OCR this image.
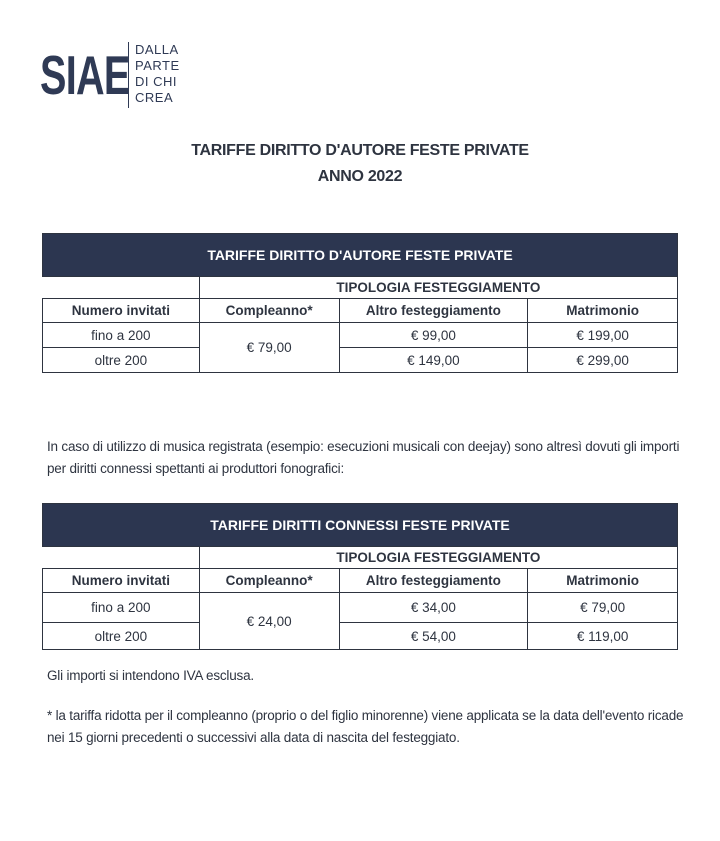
SIAE DALLA
PARTE
DI CHI
CREA
TARIFFE DIRITTO D'AUTORE FESTE PRIVATE
ANNO 2022
TARIFFE DIRITTO D'AUTORE FESTE PRIVATE			
	TIPOLOGIA FESTEGGIAMENTO		
Numero invitati	Compleanno*	Altro festeggiamento	Matrimonio
fino a 200	€ 79,00	€ 99,00	€ 199,00
oltre 200		€ 149,00	€ 299,00
In caso di utilizzo di musica registrata (esempio: esecuzioni musicali con deejay) sono altresì dovuti gli importi
per diritti connessi spettanti ai produttori fonografici:
TARIFFE DIRITTI CONNESSI FESTE PRIVATE			
	TIPOLOGIA FESTEGGIAMENTO		
Numero invitati	Compleanno*	Altro festeggiamento	Matrimonio
fino a 200	€ 24,00	€ 34,00	€ 79,00
oltre 200		€ 54,00	€ 119,00
Gli importi si intendono IVA esclusa.
* la tariffa ridotta per il compleanno (proprio o del figlio minorenne) viene applicata se la data dell'evento ricade
nei 15 giorni precedenti o successivi alla data di nascita del festeggiato.
